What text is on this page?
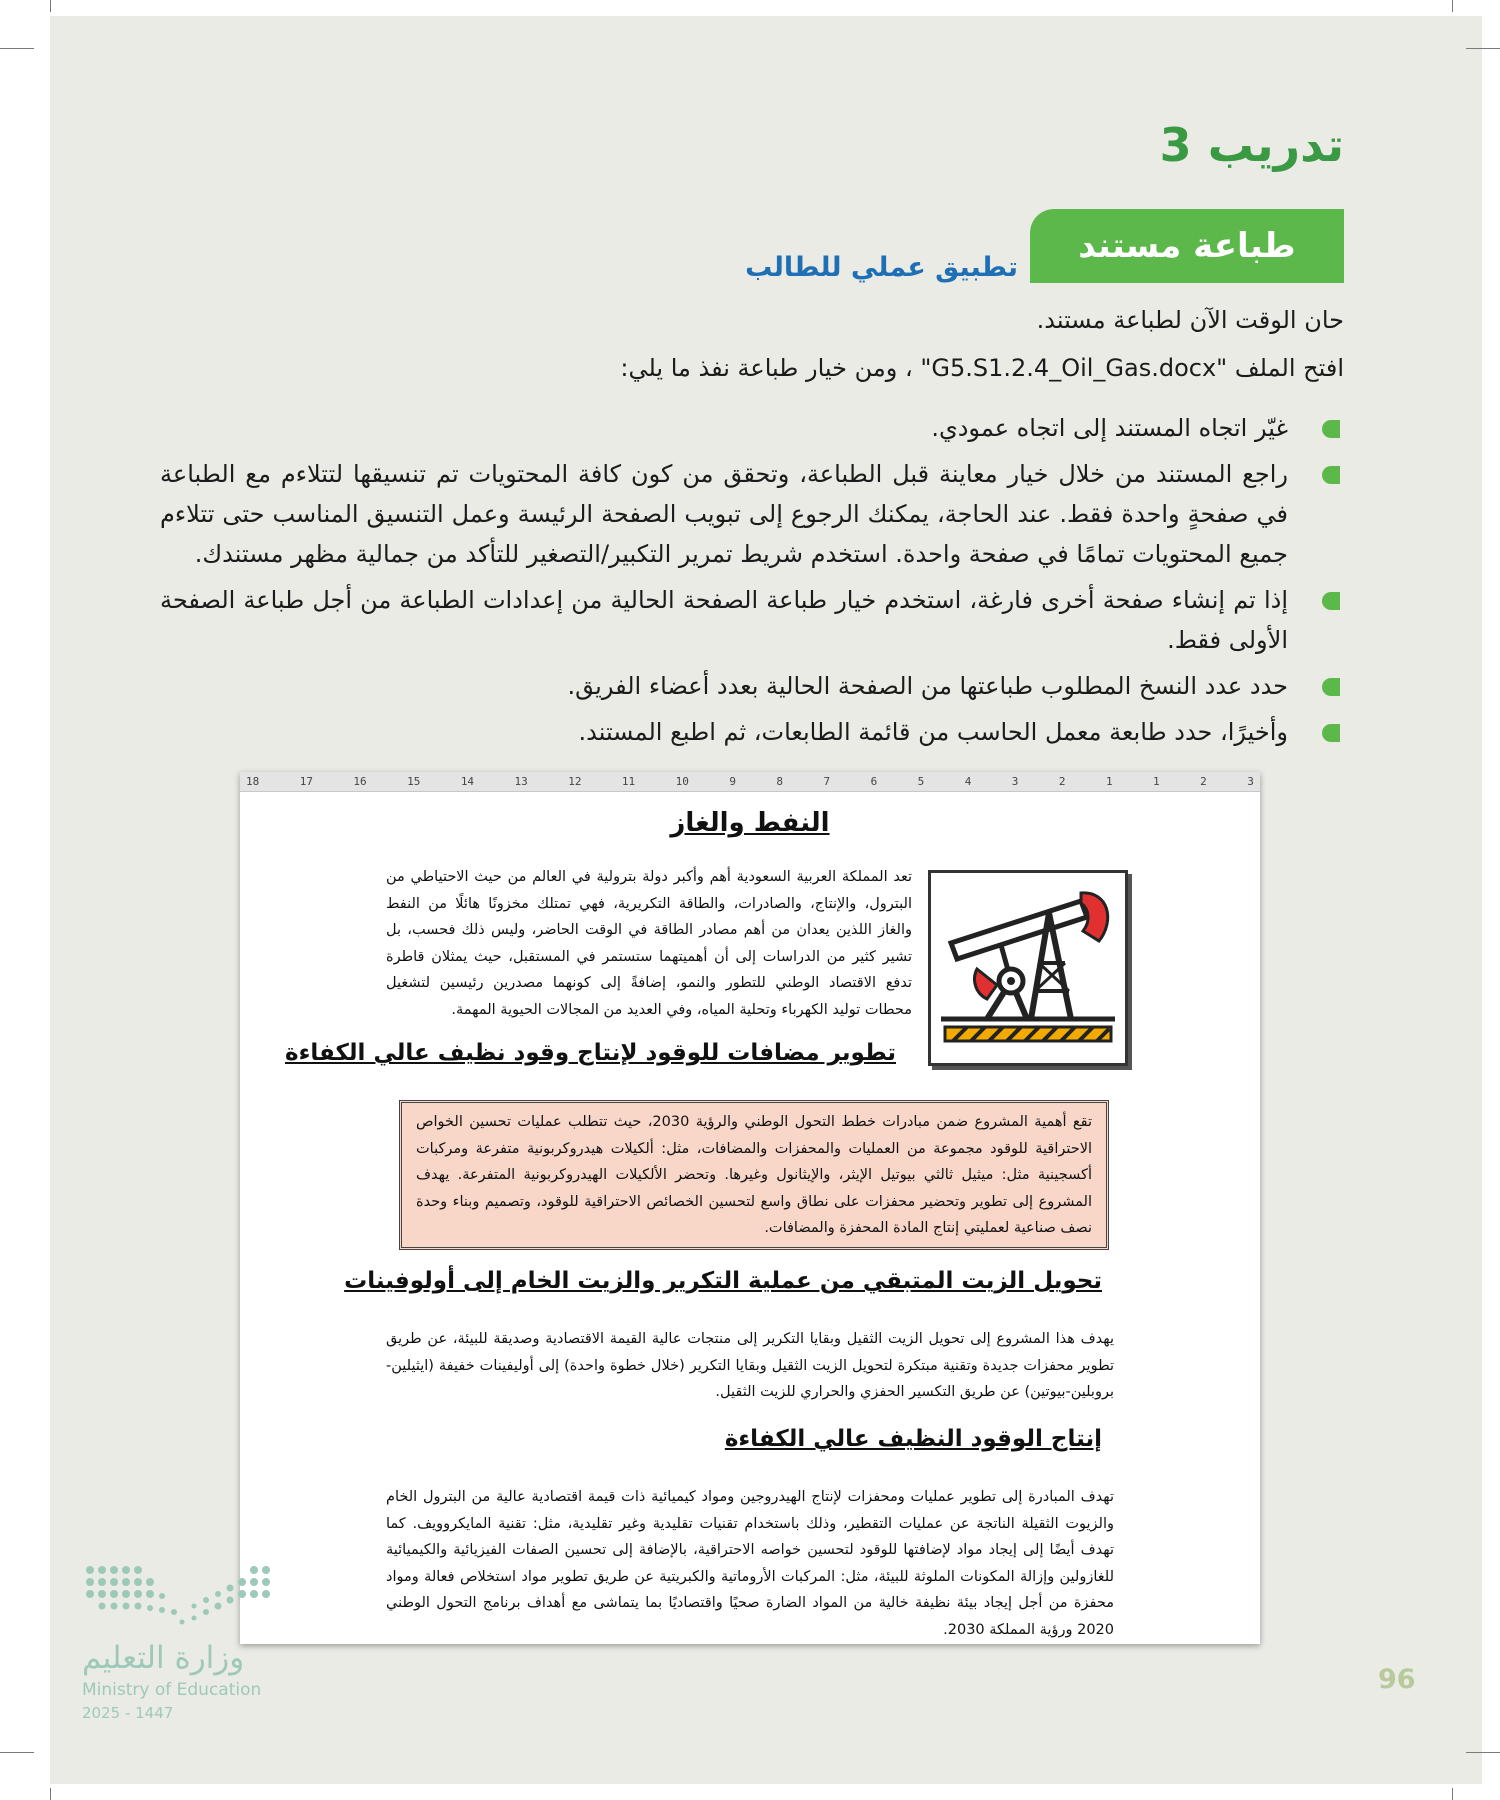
تدريب 3
طباعة مستند
تطبيق عملي للطالب
حان الوقت الآن لطباعة مستند.
افتح الملف "G5.S1.2.4_Oil_Gas.docx" ، ومن خيار طباعة نفذ ما يلي:
غيّر اتجاه المستند إلى اتجاه عمودي.
راجع المستند من خلال خيار معاينة قبل الطباعة، وتحقق من كون كافة المحتويات تم تنسيقها لتتلاءم مع الطباعة في صفحةٍ واحدة فقط. عند الحاجة، يمكنك الرجوع إلى تبويب الصفحة الرئيسة وعمل التنسيق المناسب حتى تتلاءم جميع المحتويات تمامًا في صفحة واحدة. استخدم شريط تمرير التكبير/التصغير للتأكد من جمالية مظهر مستندك.
إذا تم إنشاء صفحة أخرى فارغة، استخدم خيار طباعة الصفحة الحالية من إعدادات الطباعة من أجل طباعة الصفحة الأولى فقط.
حدد عدد النسخ المطلوب طباعتها من الصفحة الحالية بعدد أعضاء الفريق.
وأخيرًا، حدد طابعة معمل الحاسب من قائمة الطابعات، ثم اطبع المستند.
18	17	16	15	14	13	12	11	10	9	8	7	6	5	4	3	2	1	1	2	3
النفط والغاز
تعد المملكة العربية السعودية أهم وأكبر دولة بترولية في العالم من حيث الاحتياطي من البترول، والإنتاج، والصادرات، والطاقة التكريرية، فهي تمتلك مخزونًا هائلًا من النفط والغاز اللذين يعدان من أهم مصادر الطاقة في الوقت الحاضر، وليس ذلك فحسب، بل تشير كثير من الدراسات إلى أن أهميتهما ستستمر في المستقبل، حيث يمثلان قاطرة تدفع الاقتصاد الوطني للتطور والنمو، إضافةً إلى كونهما مصدرين رئيسين لتشغيل محطات توليد الكهرباء وتحلية المياه، وفي العديد من المجالات الحيوية المهمة.
تطوير مضافات للوقود لإنتاج وقود نظيف عالي الكفاءة
تقع أهمية المشروع ضمن مبادرات خطط التحول الوطني والرؤية 2030، حيث تتطلب عمليات تحسين الخواص الاحتراقية للوقود مجموعة من العمليات والمحفزات والمضافات، مثل: ألكيلات هيدروكربونية متفرعة ومركبات أكسجينية مثل: ميثيل ثالثي بيوتيل الإيثر، والإيثانول وغيرها. وتحضر الألكيلات الهيدروكربونية المتفرعة. يهدف المشروع إلى تطوير وتحضير محفزات على نطاق واسع لتحسين الخصائص الاحتراقية للوقود، وتصميم وبناء وحدة نصف صناعية لعمليتي إنتاج المادة المحفزة والمضافات.
تحويل الزيت المتبقي من عملية التكرير والزيت الخام إلى أولوفينات
يهدف هذا المشروع إلى تحويل الزيت الثقيل وبقايا التكرير إلى منتجات عالية القيمة الاقتصادية وصديقة للبيئة، عن طريق تطوير محفزات جديدة وتقنية مبتكرة لتحويل الزيت الثقيل وبقايا التكرير (خلال خطوة واحدة) إلى أوليفينات خفيفة (ايثيلين-بروبلين-بيوتين) عن طريق التكسير الحفزي والحراري للزيت الثقيل.
إنتاج الوقود النظيف عالي الكفاءة
تهدف المبادرة إلى تطوير عمليات ومحفزات لإنتاج الهيدروجين ومواد كيميائية ذات قيمة اقتصادية عالية من البترول الخام والزيوت الثقيلة الناتجة عن عمليات التقطير، وذلك باستخدام تقنيات تقليدية وغير تقليدية، مثل: تقنية المايكروويف. كما تهدف أيضًا إلى إيجاد مواد لإضافتها للوقود لتحسين خواصه الاحتراقية، بالإضافة إلى تحسين الصفات الفيزيائية والكيميائية للغازولين وإزالة المكونات الملوثة للبيئة، مثل: المركبات الأروماتية والكبريتية عن طريق تطوير مواد استخلاص فعالة ومواد محفزة من أجل إيجاد بيئة نظيفة خالية من المواد الضارة صحيًا واقتصاديًا بما يتماشى مع أهداف برنامج التحول الوطني 2020 ورؤية المملكة 2030.
وزارة التعليم
Ministry of Education
2025 - 1447
96
